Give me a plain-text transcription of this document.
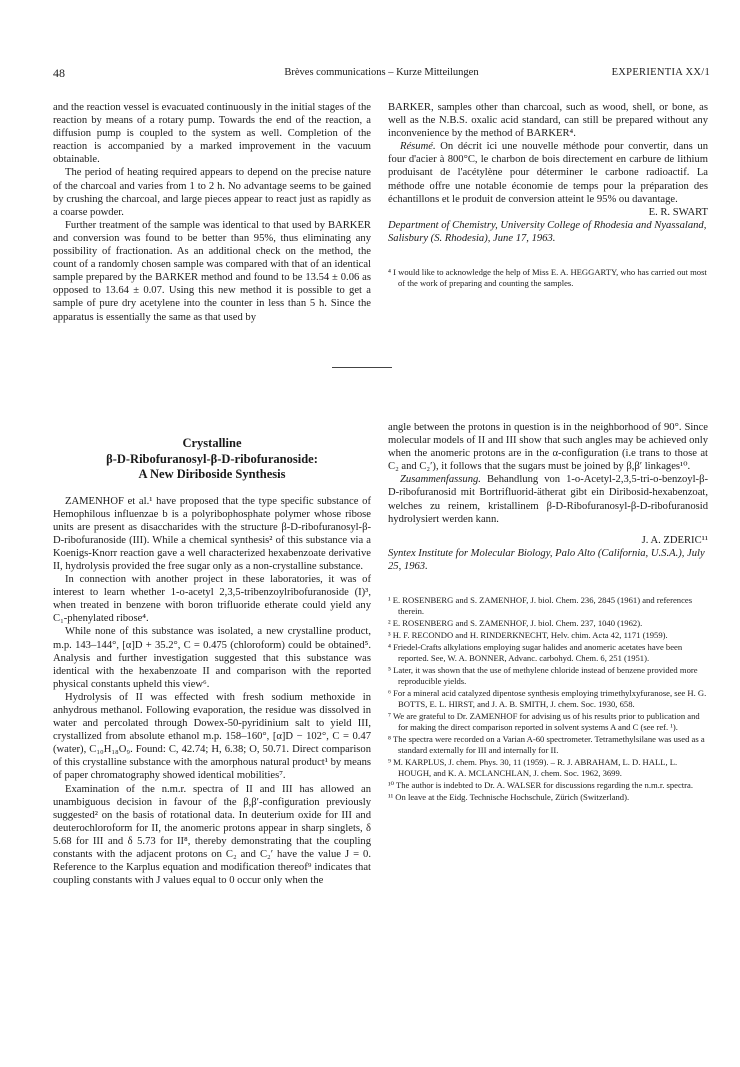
48	Brèves communications – Kurze Mitteilungen	EXPERIENTIA XX/1

and the reaction vessel is evacuated continuously in the initial stages of the reaction by means of a rotary pump. Towards the end of the reaction, a diffusion pump is coupled to the system as well. Completion of the reaction is accompanied by a marked improvement in the vacuum obtainable.

The period of heating required appears to depend on the precise nature of the charcoal and varies from 1 to 2 h. No advantage seems to be gained by crushing the charcoal, and large pieces appear to react just as rapidly as a coarse powder.

Further treatment of the sample was identical to that used by BARKER and conversion was found to be better than 95%, thus eliminating any possibility of fractionation. As an additional check on the method, the count of a randomly chosen sample was compared with that of an identical sample prepared by the BARKER method and found to be 13.54 ± 0.06 as opposed to 13.64 ± 0.07. Using this new method it is possible to get a sample of pure dry acetylene into the counter in less than 5 h. Since the apparatus is essentially the same as that used by

BARKER, samples other than charcoal, such as wood, shell, or bone, as well as the N.B.S. oxalic acid standard, can still be prepared without any inconvenience by the method of BARKER⁴.

Résumé. On décrit ici une nouvelle méthode pour convertir, dans un four d'acier à 800°C, le charbon de bois directement en carbure de lithium produisant de l'acétylène pour déterminer le carbone radioactif. La méthode offre une notable économie de temps pour la préparation des échantillons et le produit de conversion atteint le 95% ou davantage.

E. R. SWART

Department of Chemistry, University College of Rhodesia and Nyassaland, Salisbury (S. Rhodesia), June 17, 1963.

⁴ I would like to acknowledge the help of Miss E. A. HEGGARTY, who has carried out most of the work of preparing and counting the samples.
Crystalline
β-D-Ribofuranosyl-β-D-ribofuranoside:
A New Diriboside Synthesis

ZAMENHOF et al.¹ have proposed that the type specific substance of Hemophilous influenzae b is a polyribophosphate polymer whose ribose units are present as disaccharides with the structure β-D-ribofuranosyl-β-D-ribofuranoside (III). While a chemical synthesis² of this substance via a Koenigs-Knorr reaction gave a well characterized hexabenzoate derivative II, hydrolysis provided the free sugar only as a non-crystalline substance.

In connection with another project in these laboratories, it was of interest to learn whether 1-o-acetyl 2,3,5-tribenzoylribofuranoside (I)³, when treated in benzene with boron trifluoride etherate could yield any C₁-phenylated ribose⁴.

While none of this substance was isolated, a new crystalline product, m.p. 143–144°, [α]D + 35.2°, C = 0.475 (chloroform) could be obtained⁵. Analysis and further investigation suggested that this substance was identical with the hexabenzoate II and comparison with the reported physical constants upheld this view⁶.

Hydrolysis of II was effected with fresh sodium methoxide in anhydrous methanol. Following evaporation, the residue was dissolved in water and percolated through Dowex-50-pyridinium salt to yield III, crystallized from absolute ethanol m.p. 158–160°, [α]D − 102°, C = 0.47 (water), C₁₀H₁₈O₉. Found: C, 42.74; H, 6.38; O, 50.71. Direct comparison of this crystalline substance with the amorphous natural product¹ by means of paper chromatography showed identical mobilities⁷.

Examination of the n.m.r. spectra of II and III has allowed an unambiguous decision in favour of the β,β′-configuration previously suggested² on the basis of rotational data. In deuterium oxide for III and deuterochloroform for II, the anomeric protons appear in sharp singlets, δ 5.68 for III and δ 5.73 for II⁸, thereby demonstrating that the coupling constants with the adjacent protons on C₂ and C₂′ have the value J = 0. Reference to the Karplus equation and modification thereof⁹ indicates that coupling constants with J values equal to 0 occur only when the

angle between the protons in question is in the neighborhood of 90°. Since molecular models of II and III show that such angles may be achieved only when the anomeric protons are in the α-configuration (i.e trans to those at C₂ and C₂′), it follows that the sugars must be joined by β,β′ linkages¹⁰.

Zusammenfassung. Behandlung von 1-o-Acetyl-2,3,5-tri-o-benzoyl-β-D-ribofuranosid mit Bortrifluorid-ätherat gibt ein Diribosid-hexabenzoat, welches zu reinem, kristallinem β-D-Ribofuranosyl-β-D-ribofuranosid hydrolysiert werden kann.

J. A. ZDERIC¹¹

Syntex Institute for Molecular Biology, Palo Alto (California, U.S.A.), July 25, 1963.

¹ E. ROSENBERG and S. ZAMENHOF, J. biol. Chem. 236, 2845 (1961) and references therein.
² E. ROSENBERG and S. ZAMENHOF, J. biol. Chem. 237, 1040 (1962).
³ H. F. RECONDO and H. RINDERKNECHT, Helv. chim. Acta 42, 1171 (1959).
⁴ Friedel-Crafts alkylations employing sugar halides and anomeric acetates have been reported. See, W. A. BONNER, Advanc. carbohyd. Chem. 6, 251 (1951).
⁵ Later, it was shown that the use of methylene chloride instead of benzene provided more reproducible yields.
⁶ For a mineral acid catalyzed dipentose synthesis employing trimethylxyfuranose, see H. G. BOTTS, E. L. HIRST, and J. A. B. SMITH, J. chem. Soc. 1930, 658.
⁷ We are grateful to Dr. ZAMENHOF for advising us of his results prior to publication and for making the direct comparison reported in solvent systems A and C (see ref. ¹).
⁸ The spectra were recorded on a Varian A-60 spectrometer. Tetramethylsilane was used as a standard externally for III and internally for II.
⁹ M. KARPLUS, J. chem. Phys. 30, 11 (1959). – R. J. ABRAHAM, L. D. HALL, L. HOUGH, and K. A. MCLANCHLAN, J. chem. Soc. 1962, 3699.
¹⁰ The author is indebted to Dr. A. WALSER for discussions regarding the n.m.r. spectra.
¹¹ On leave at the Eidg. Technische Hochschule, Zürich (Switzerland).
